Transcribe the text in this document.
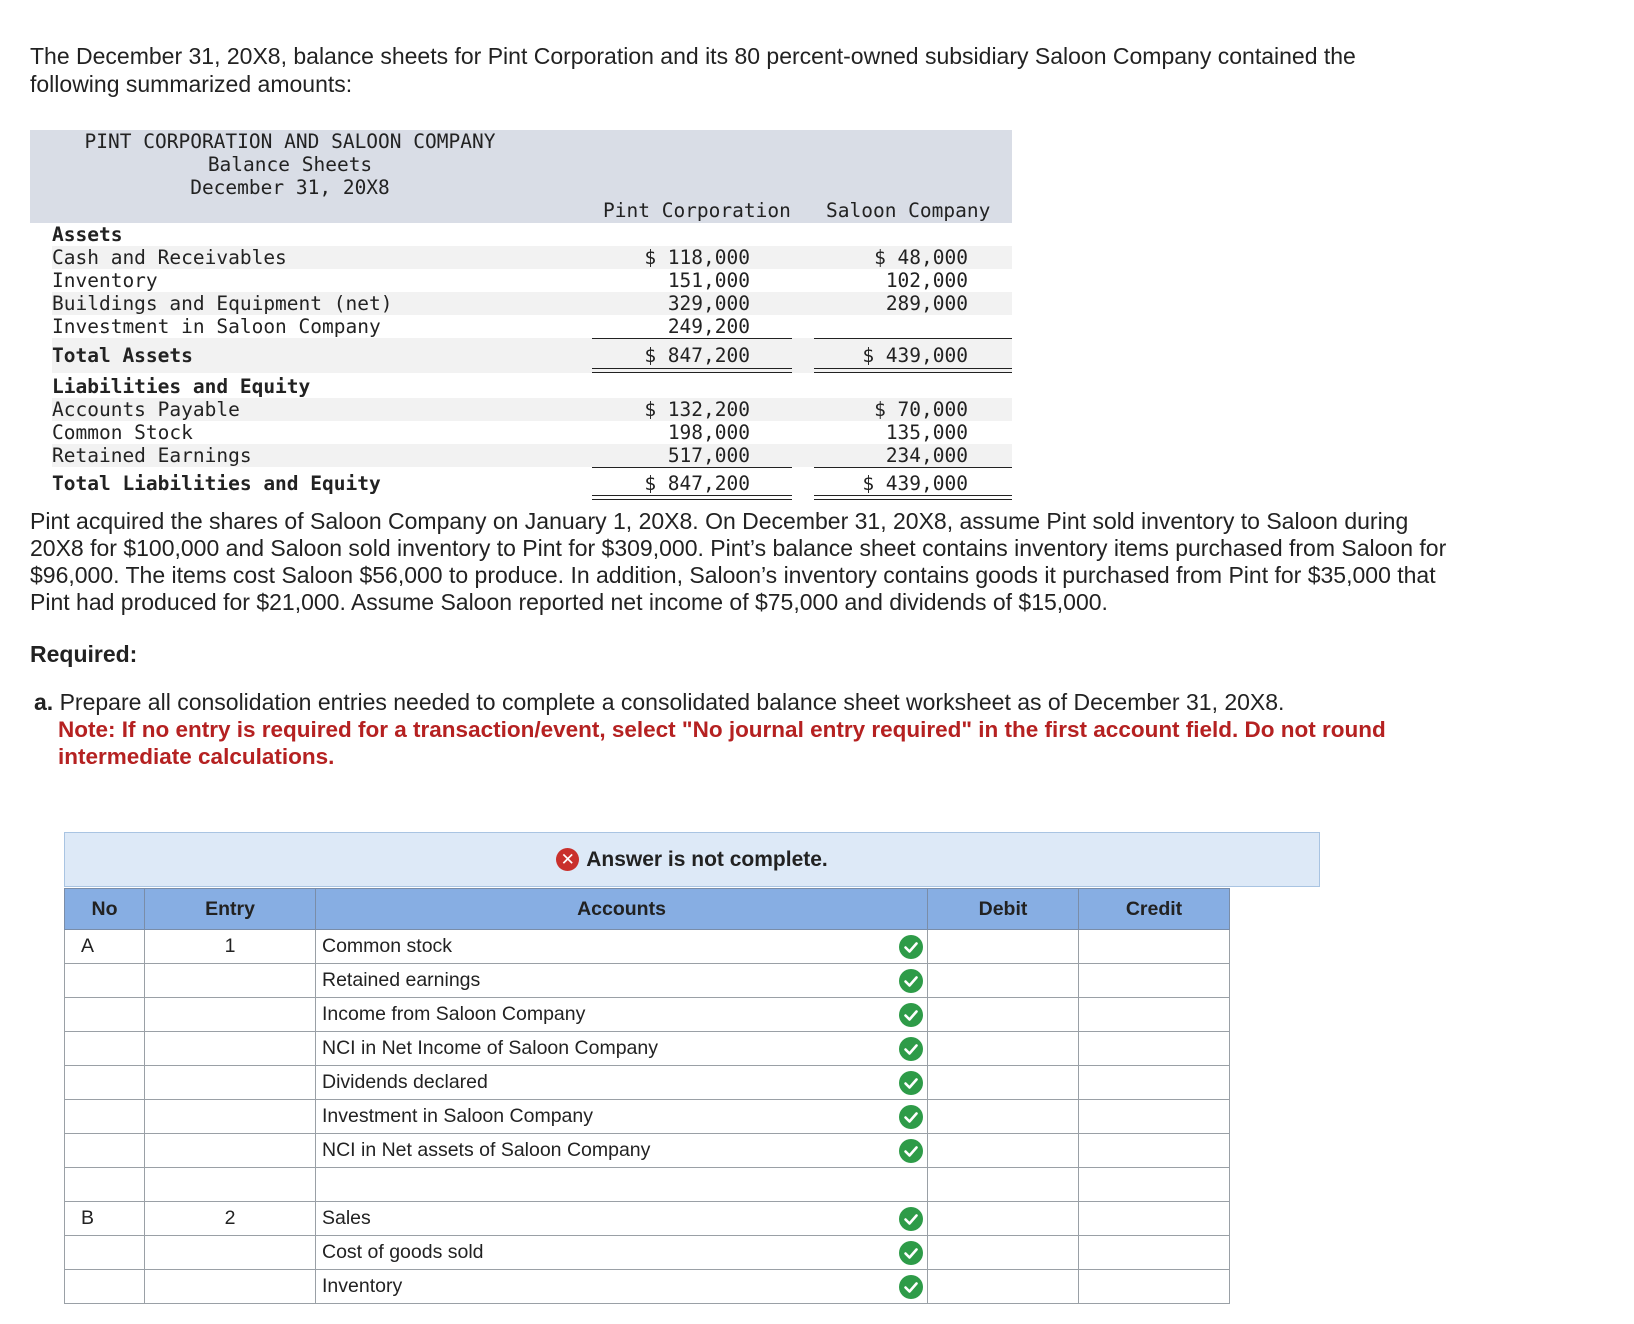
The December 31, 20X8, balance sheets for Pint Corporation and its 80 percent-owned subsidiary Saloon Company contained the following summarized amounts:
PINT CORPORATION AND SALOON COMPANY
Balance Sheets
December 31, 20X8
Pint Corporation Saloon Company
Assets
Cash and Receivables	$ 118,000	$ 48,000
Inventory	151,000	102,000
Buildings and Equipment (net)	329,000	289,000
Investment in Saloon Company	249,200
Total Assets	$ 847,200	$ 439,000
Liabilities and Equity
Accounts Payable	$ 132,200	$ 70,000
Common Stock	198,000	135,000
Retained Earnings	517,000	234,000
Total Liabilities and Equity	$ 847,200	$ 439,000
Pint acquired the shares of Saloon Company on January 1, 20X8. On December 31, 20X8, assume Pint sold inventory to Saloon during 20X8 for $100,000 and Saloon sold inventory to Pint for $309,000. Pint’s balance sheet contains inventory items purchased from Saloon for $96,000. The items cost Saloon $56,000 to produce. In addition, Saloon’s inventory contains goods it purchased from Pint for $35,000 that Pint had produced for $21,000. Assume Saloon reported net income of $75,000 and dividends of $15,000.
Required:
a. Prepare all consolidation entries needed to complete a consolidated balance sheet worksheet as of December 31, 20X8.
Note: If no entry is required for a transaction/event, select "No journal entry required" in the first account field. Do not round intermediate calculations.
✕ Answer is not complete.
No	Entry	Accounts	Debit	Credit
A	1	Common stock

		Retained earnings

		Income from Saloon Company

		NCI in Net Income of Saloon Company

		Dividends declared

		Investment in Saloon Company

		NCI in Net assets of Saloon Company

B	2	Sales

		Cost of goods sold

		Inventory
